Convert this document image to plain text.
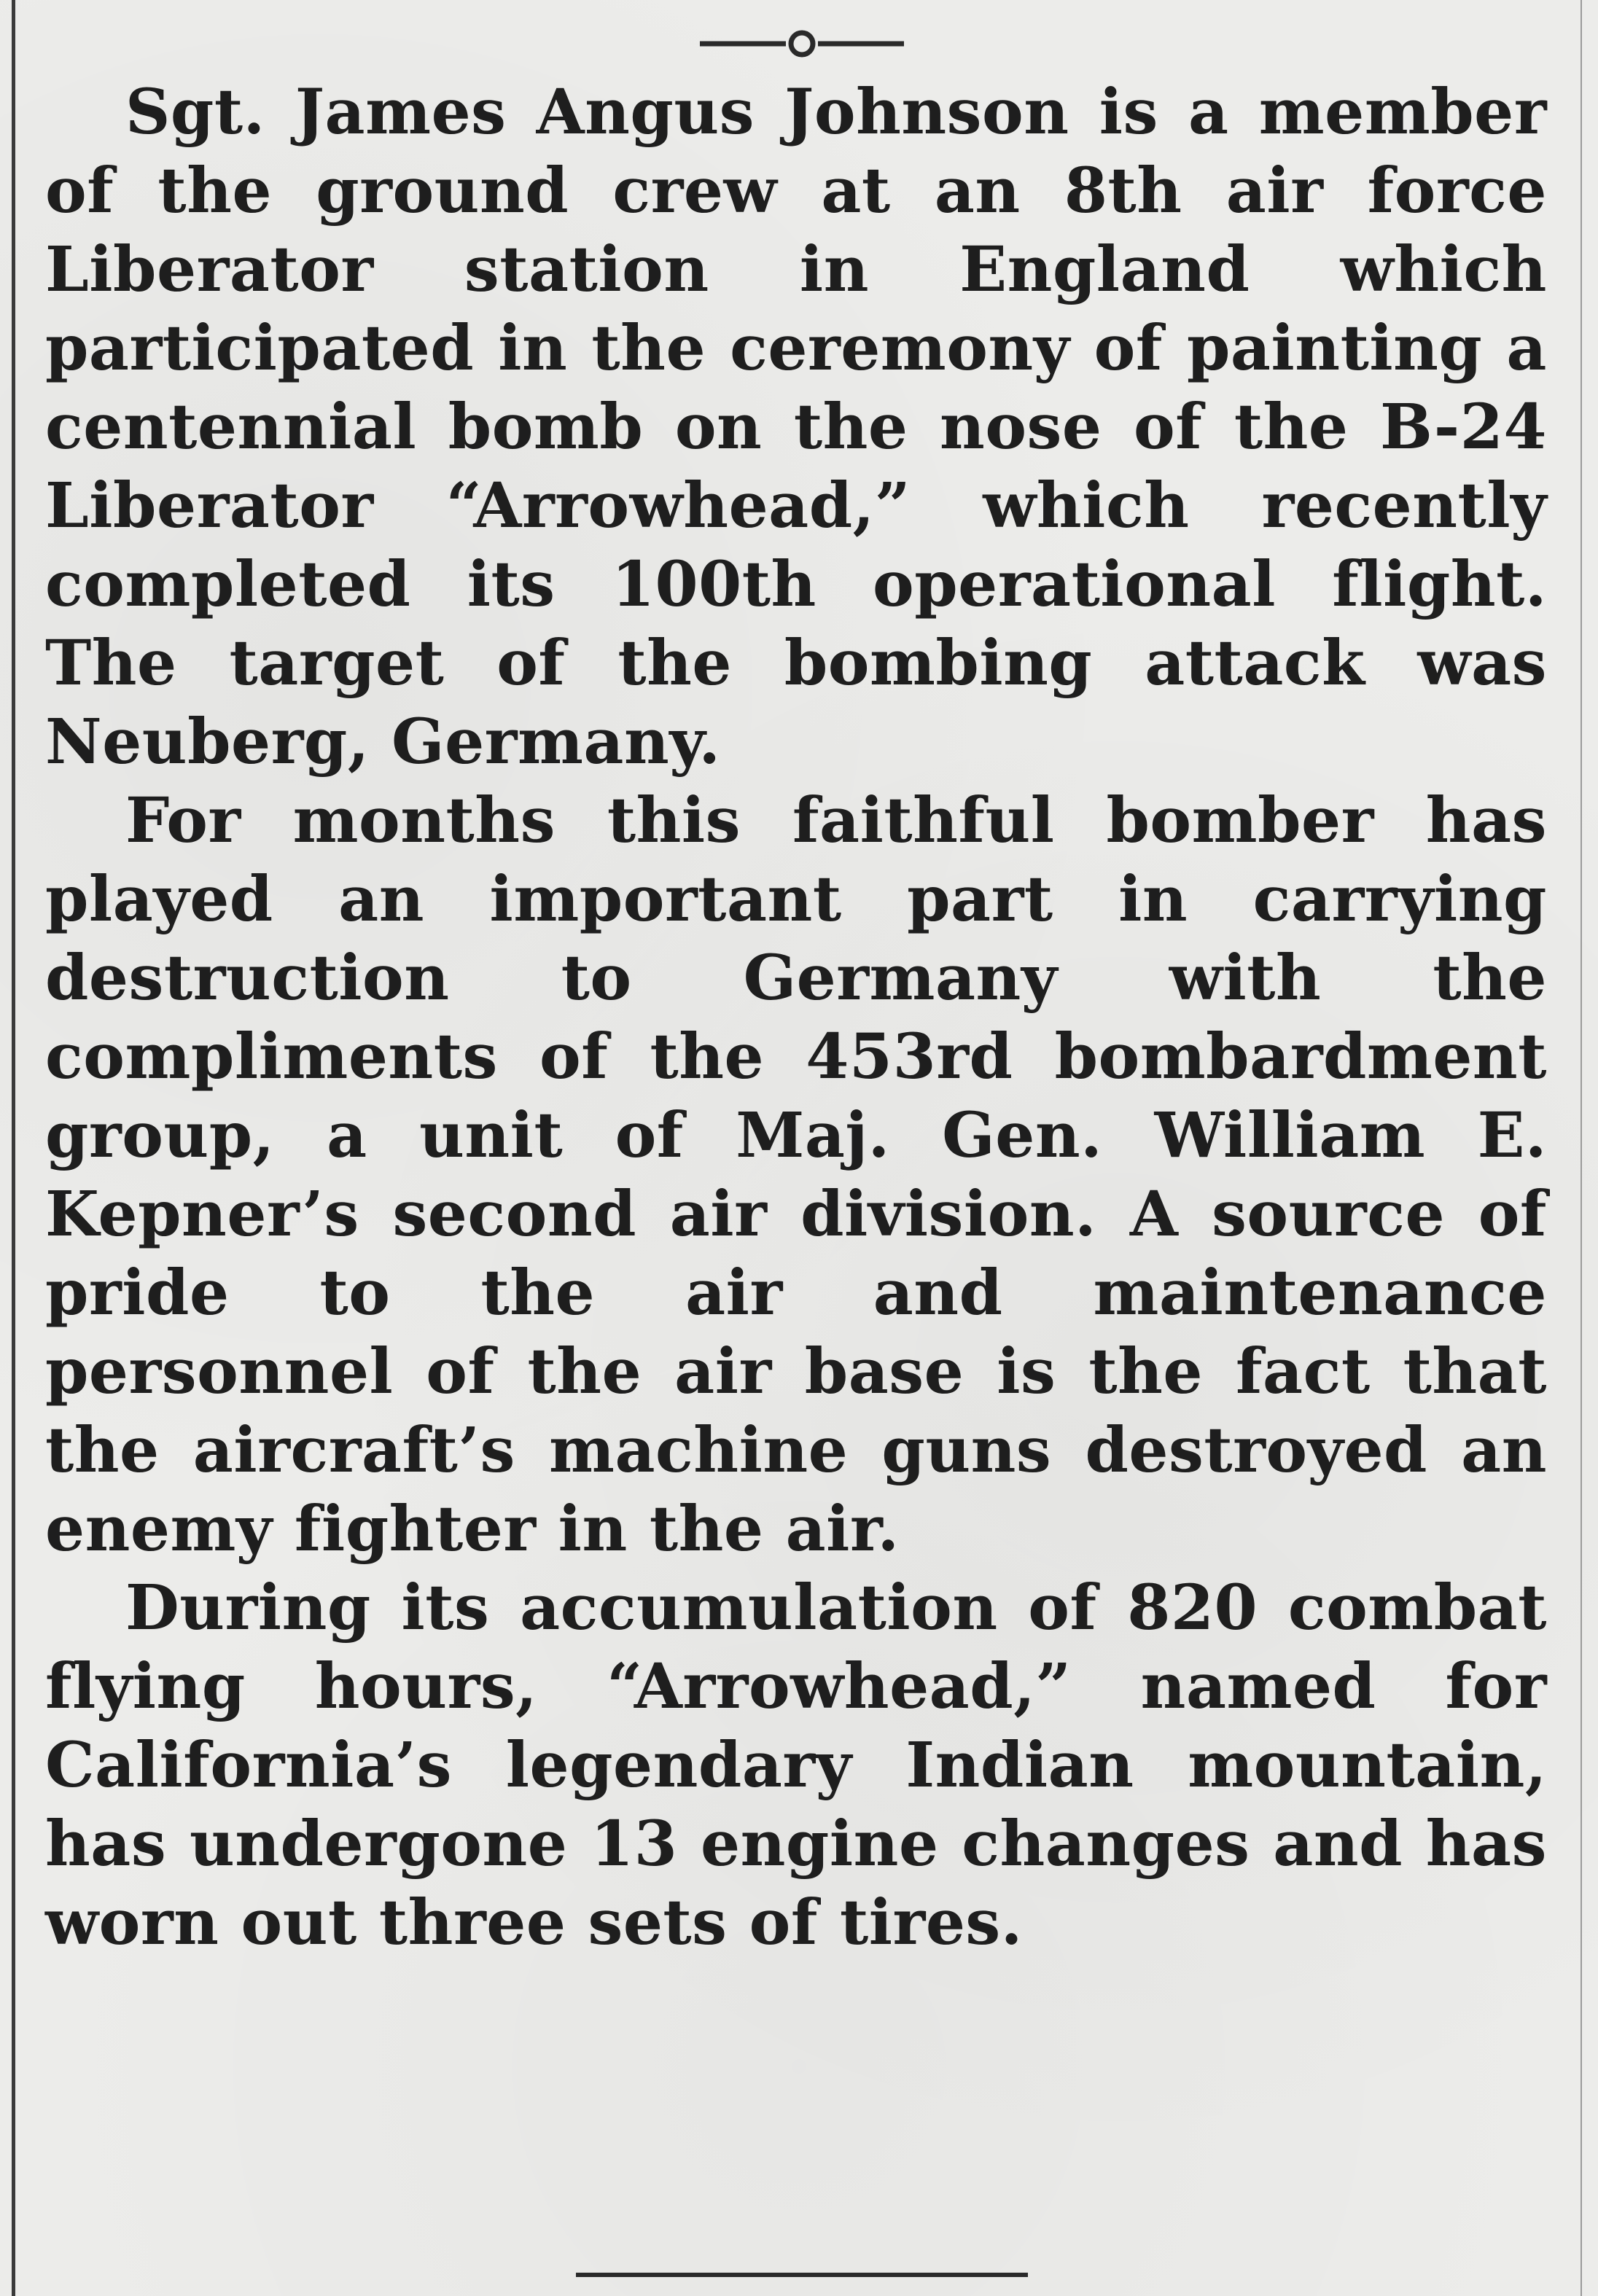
Sgt. James Angus Johnson is a member of the ground crew at an 8th air force Liberator station in England which participated in the ceremony of painting a centennial bomb on the nose of the B-24 Liberator “Arrowhead,” which recently completed its 100th operational flight. The target of the bombing attack was Neuberg, Germany.

For months this faithful bomber has played an important part in carrying destruction to Germany with the compliments of the 453rd bombardment group, a unit of Maj. Gen. William E. Kepner’s second air division. A source of pride to the air and maintenance personnel of the air base is the fact that the aircraft’s machine guns destroyed an enemy fighter in the air.

During its accumulation of 820 combat flying hours, “Arrowhead,” named for California’s legendary Indian mountain, has undergone 13 engine changes and has worn out three sets of tires.
